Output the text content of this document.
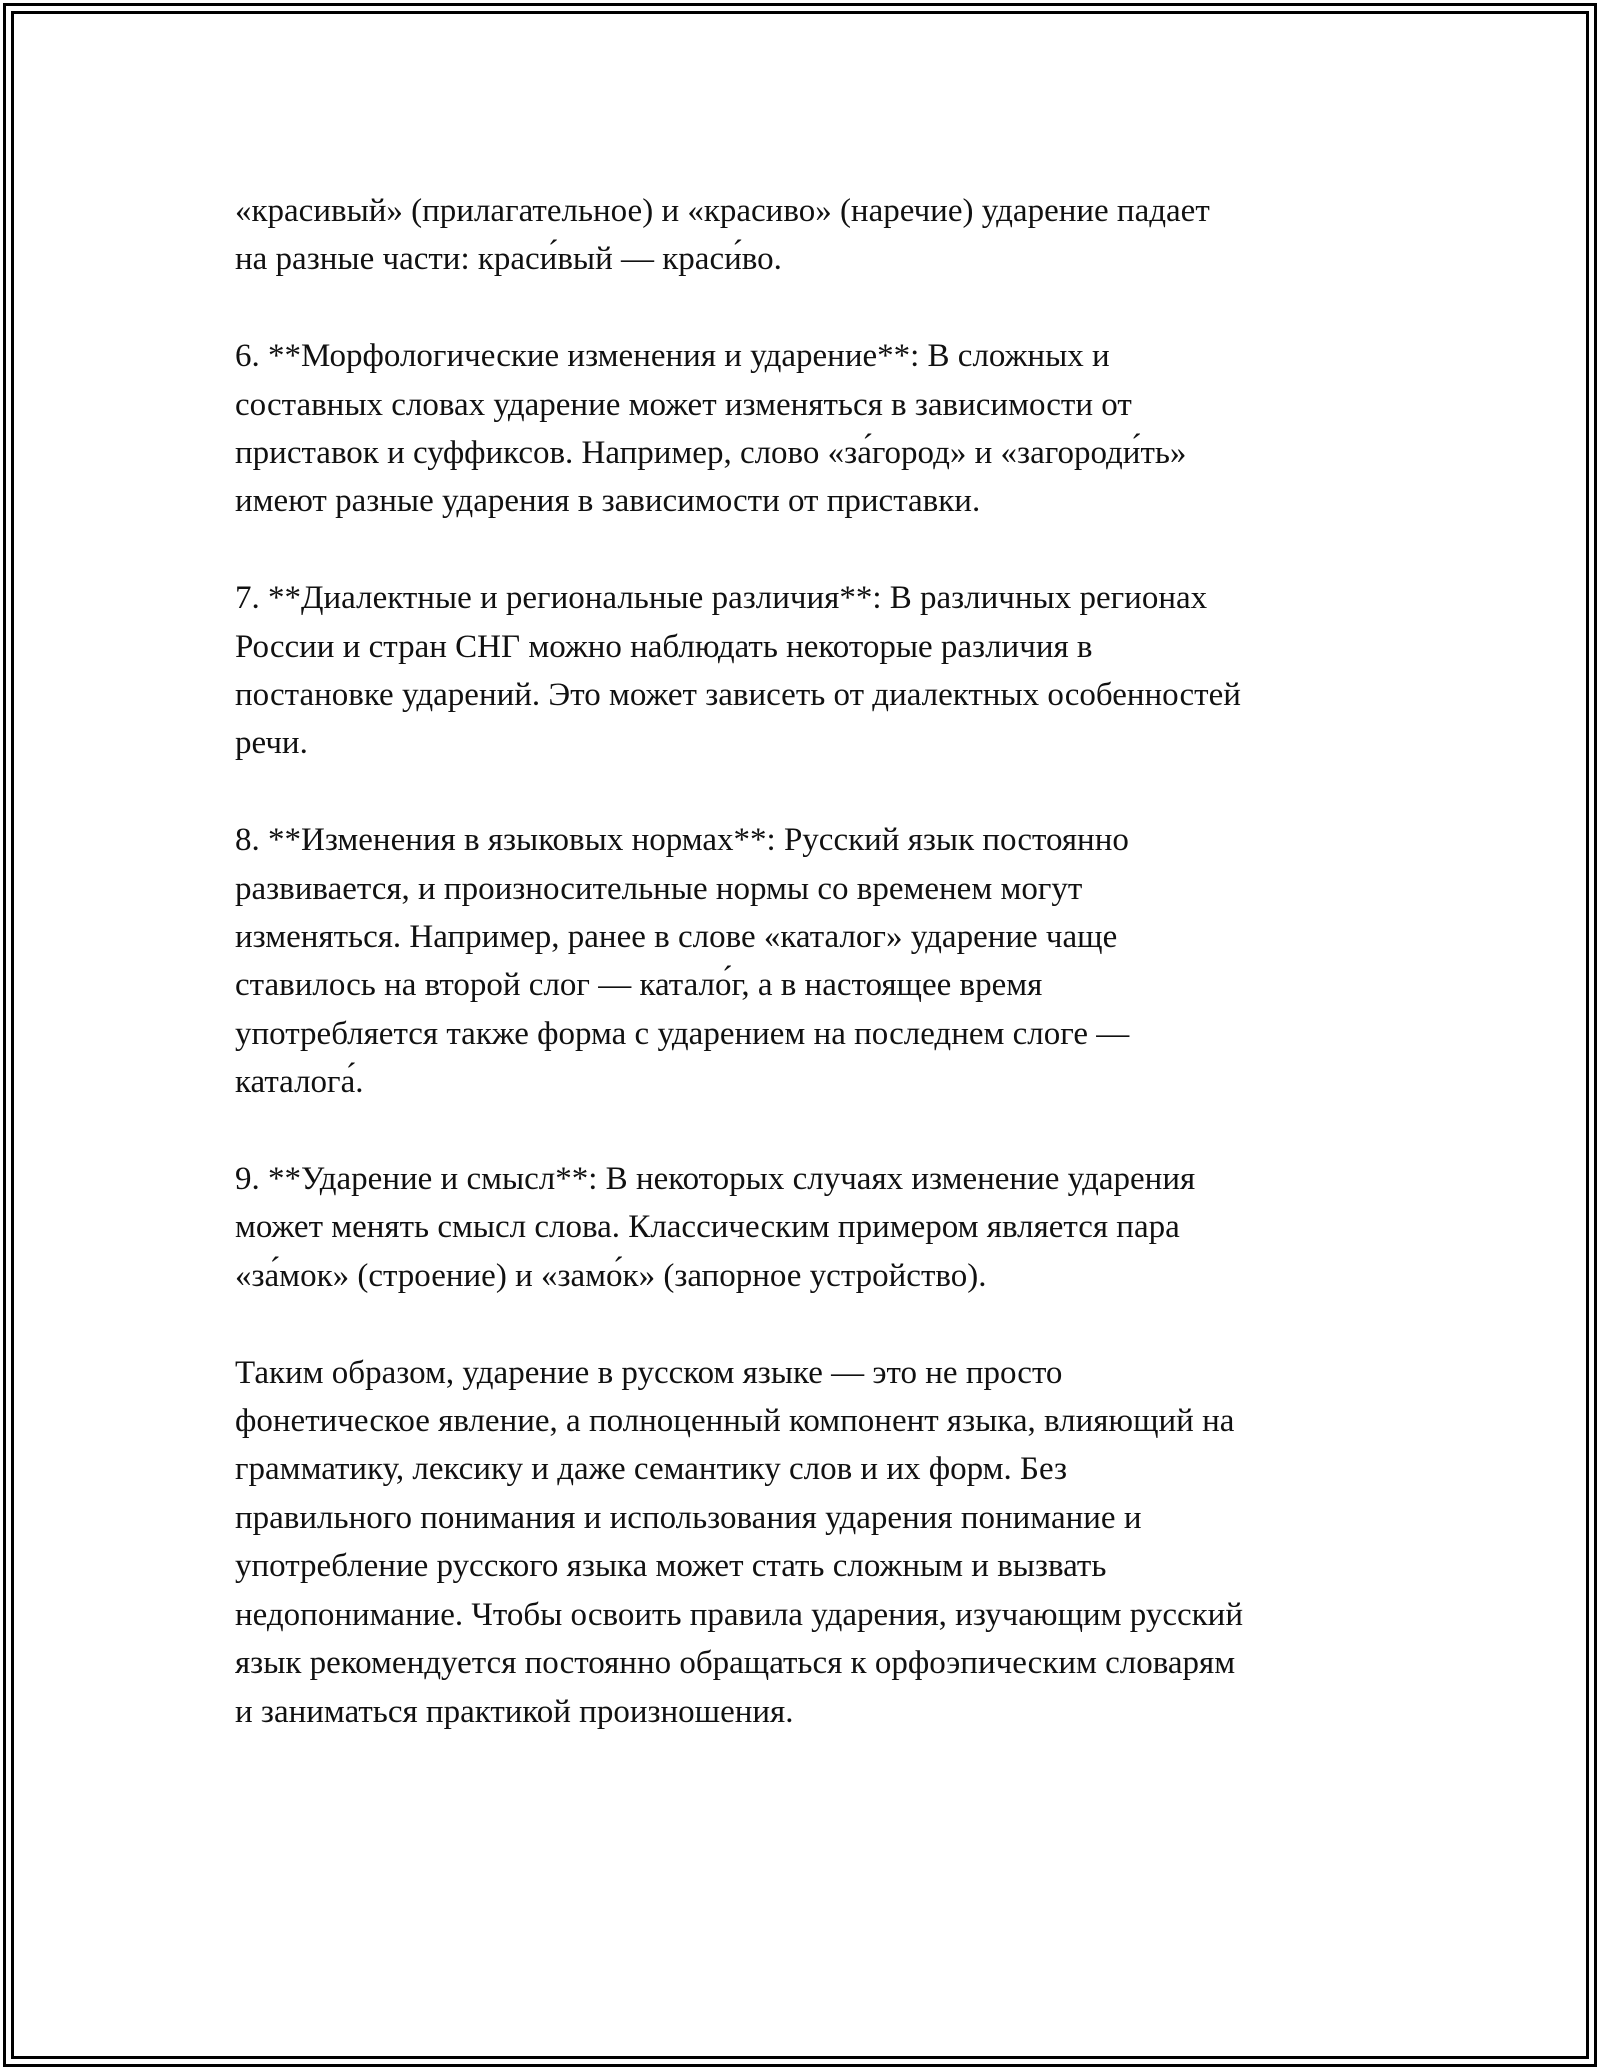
«красивый» (прилагательное) и «красиво» (наречие) ударение падает
на разные части: краси́вый — краси́во.

6. **Морфологические изменения и ударение**: В сложных и
составных словах ударение может изменяться в зависимости от
приставок и суффиксов. Например, слово «за́город» и «загороди́ть»
имеют разные ударения в зависимости от приставки.

7. **Диалектные и региональные различия**: В различных регионах
России и стран СНГ можно наблюдать некоторые различия в
постановке ударений. Это может зависеть от диалектных особенностей
речи.

8. **Изменения в языковых нормах**: Русский язык постоянно
развивается, и произносительные нормы со временем могут
изменяться. Например, ранее в слове «каталог» ударение чаще
ставилось на второй слог — катало́г, а в настоящее время
употребляется также форма с ударением на последнем слоге —
каталога́.

9. **Ударение и смысл**: В некоторых случаях изменение ударения
может менять смысл слова. Классическим примером является пара
«за́мок» (строение) и «замо́к» (запорное устройство).

Таким образом, ударение в русском языке — это не просто
фонетическое явление, а полноценный компонент языка, влияющий на
грамматику, лексику и даже семантику слов и их форм. Без
правильного понимания и использования ударения понимание и
употребление русского языка может стать сложным и вызвать
недопонимание. Чтобы освоить правила ударения, изучающим русский
язык рекомендуется постоянно обращаться к орфоэпическим словарям
и заниматься практикой произношения.
